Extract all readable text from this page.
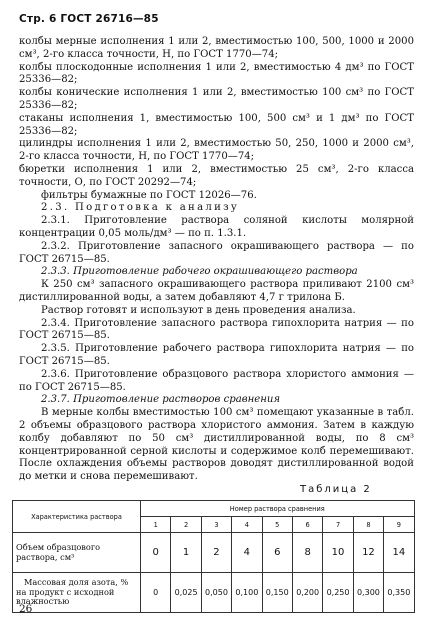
Стр. 6 ГОСТ 26716—85

колбы мерные исполнения 1 или 2, вместимостью 100, 500, 1000 и 2000 см³, 2-го класса точности, Н, по ГОСТ 1770—74;

колбы плоскодонные исполнения 1 или 2, вместимостью 4 дм³ по ГОСТ 25336—82;

колбы конические исполнения 1 или 2, вместимостью 100 см³ по ГОСТ 25336—82;

стаканы исполнения 1, вместимостью 100, 500 см³ и 1 дм³ по ГОСТ 25336—82;

цилиндры исполнения 1 или 2, вместимостью 50, 250, 1000 и 2000 см³, 2-го класса точности, Н, по ГОСТ 1770—74;

бюретки исполнения 1 или 2, вместимостью 25 см³, 2-го класса точности, О, по ГОСТ 20292—74;

фильтры бумажные по ГОСТ 12026—76.

2.3. Подготовка к анализу

2.3.1. Приготовление раствора соляной кислоты молярной концентрации 0,05 моль/дм³ — по п. 1.3.1.

2.3.2. Приготовление запасного окрашивающего раствора — по ГОСТ 26715—85.

2.3.3. Приготовление рабочего окрашивающего раствора

К 250 см³ запасного окрашивающего раствора приливают 2100 см³ дистиллированной воды, а затем добавляют 4,7 г трилона Б.

Раствор готовят и используют в день проведения анализа.

2.3.4. Приготовление запасного раствора гипохлорита натрия — по ГОСТ 26715—85.

2.3.5. Приготовление рабочего раствора гипохлорита натрия — по ГОСТ 26715—85.

2.3.6. Приготовление образцового раствора хлористого аммония — по ГОСТ 26715—85.

2.3.7. Приготовление растворов сравнения

В мерные колбы вместимостью 100 см³ помещают указанные в табл. 2 объемы образцового раствора хлористого аммония. Затем в каждую колбу добавляют по 50 см³ дистиллированной воды, по 8 см³ концентрированной серной кислоты и содержимое колб перемешивают. После охлаждения объемы растворов доводят дистиллированной водой до метки и снова перемешивают.

Таблица 2
Характеристика раствора	Номер раствора сравнения								
	1	2	3	4	5	6	7	8	9
Объем образцового раствора, см³	0	1	2	4	6	8	10	12	14
Массовая доля азота, % на продукт с исходной влажностью	0	0,025	0,050	0,100	0,150	0,200	0,250	0,300	0,350
26
